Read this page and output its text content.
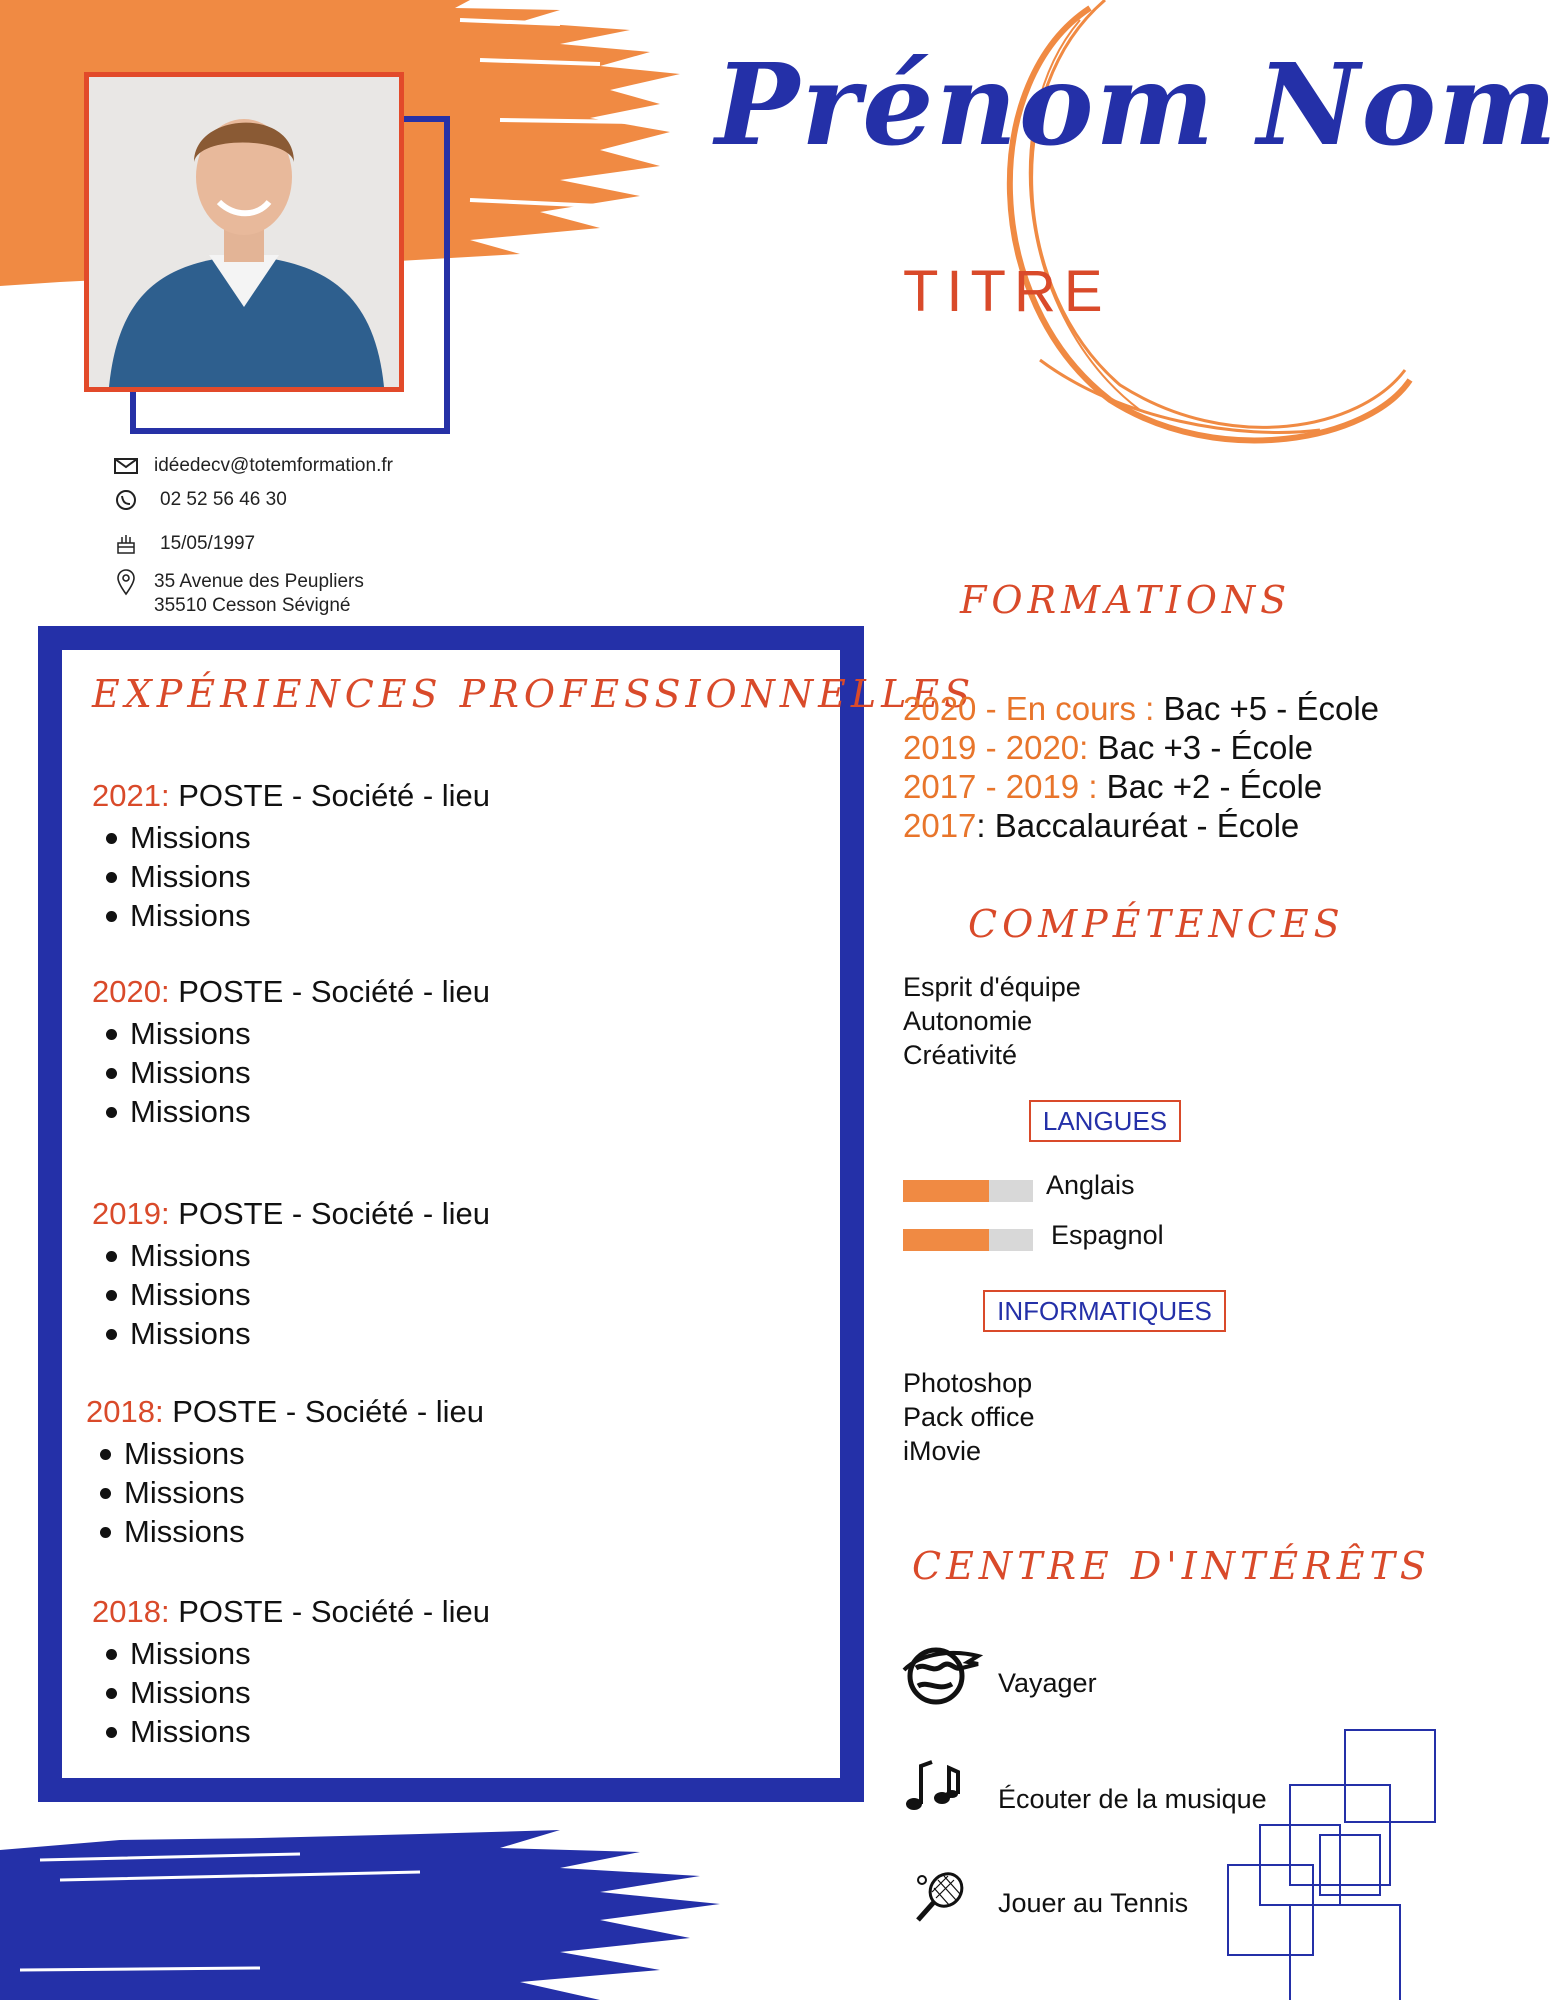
Prénom Nom
TITRE
idéedecv@totemformation.fr
02 52 56 46 30
15/05/1997
35 Avenue des Peupliers
35510 Cesson Sévigné
EXPÉRIENCES PROFESSIONNELLES
2021: POSTE - Société - lieu
Missions
Missions
Missions
2020: POSTE - Société - lieu
Missions
Missions
Missions
2019: POSTE - Société - lieu
Missions
Missions
Missions
2018: POSTE - Société - lieu
Missions
Missions
Missions
2018: POSTE - Société - lieu
Missions
Missions
Missions
FORMATIONS
2020 - En cours : Bac +5 - École
2019 - 2020: Bac +3 - École
2017 - 2019 : Bac +2 - École
2017: Baccalauréat - École
COMPÉTENCES
Esprit d'équipe
Autonomie
Créativité
LANGUES
Anglais
Espagnol
INFORMATIQUES
Photoshop
Pack office
iMovie
CENTRE D'INTÉRÊTS
Vayager
Écouter de la musique
Jouer au Tennis
